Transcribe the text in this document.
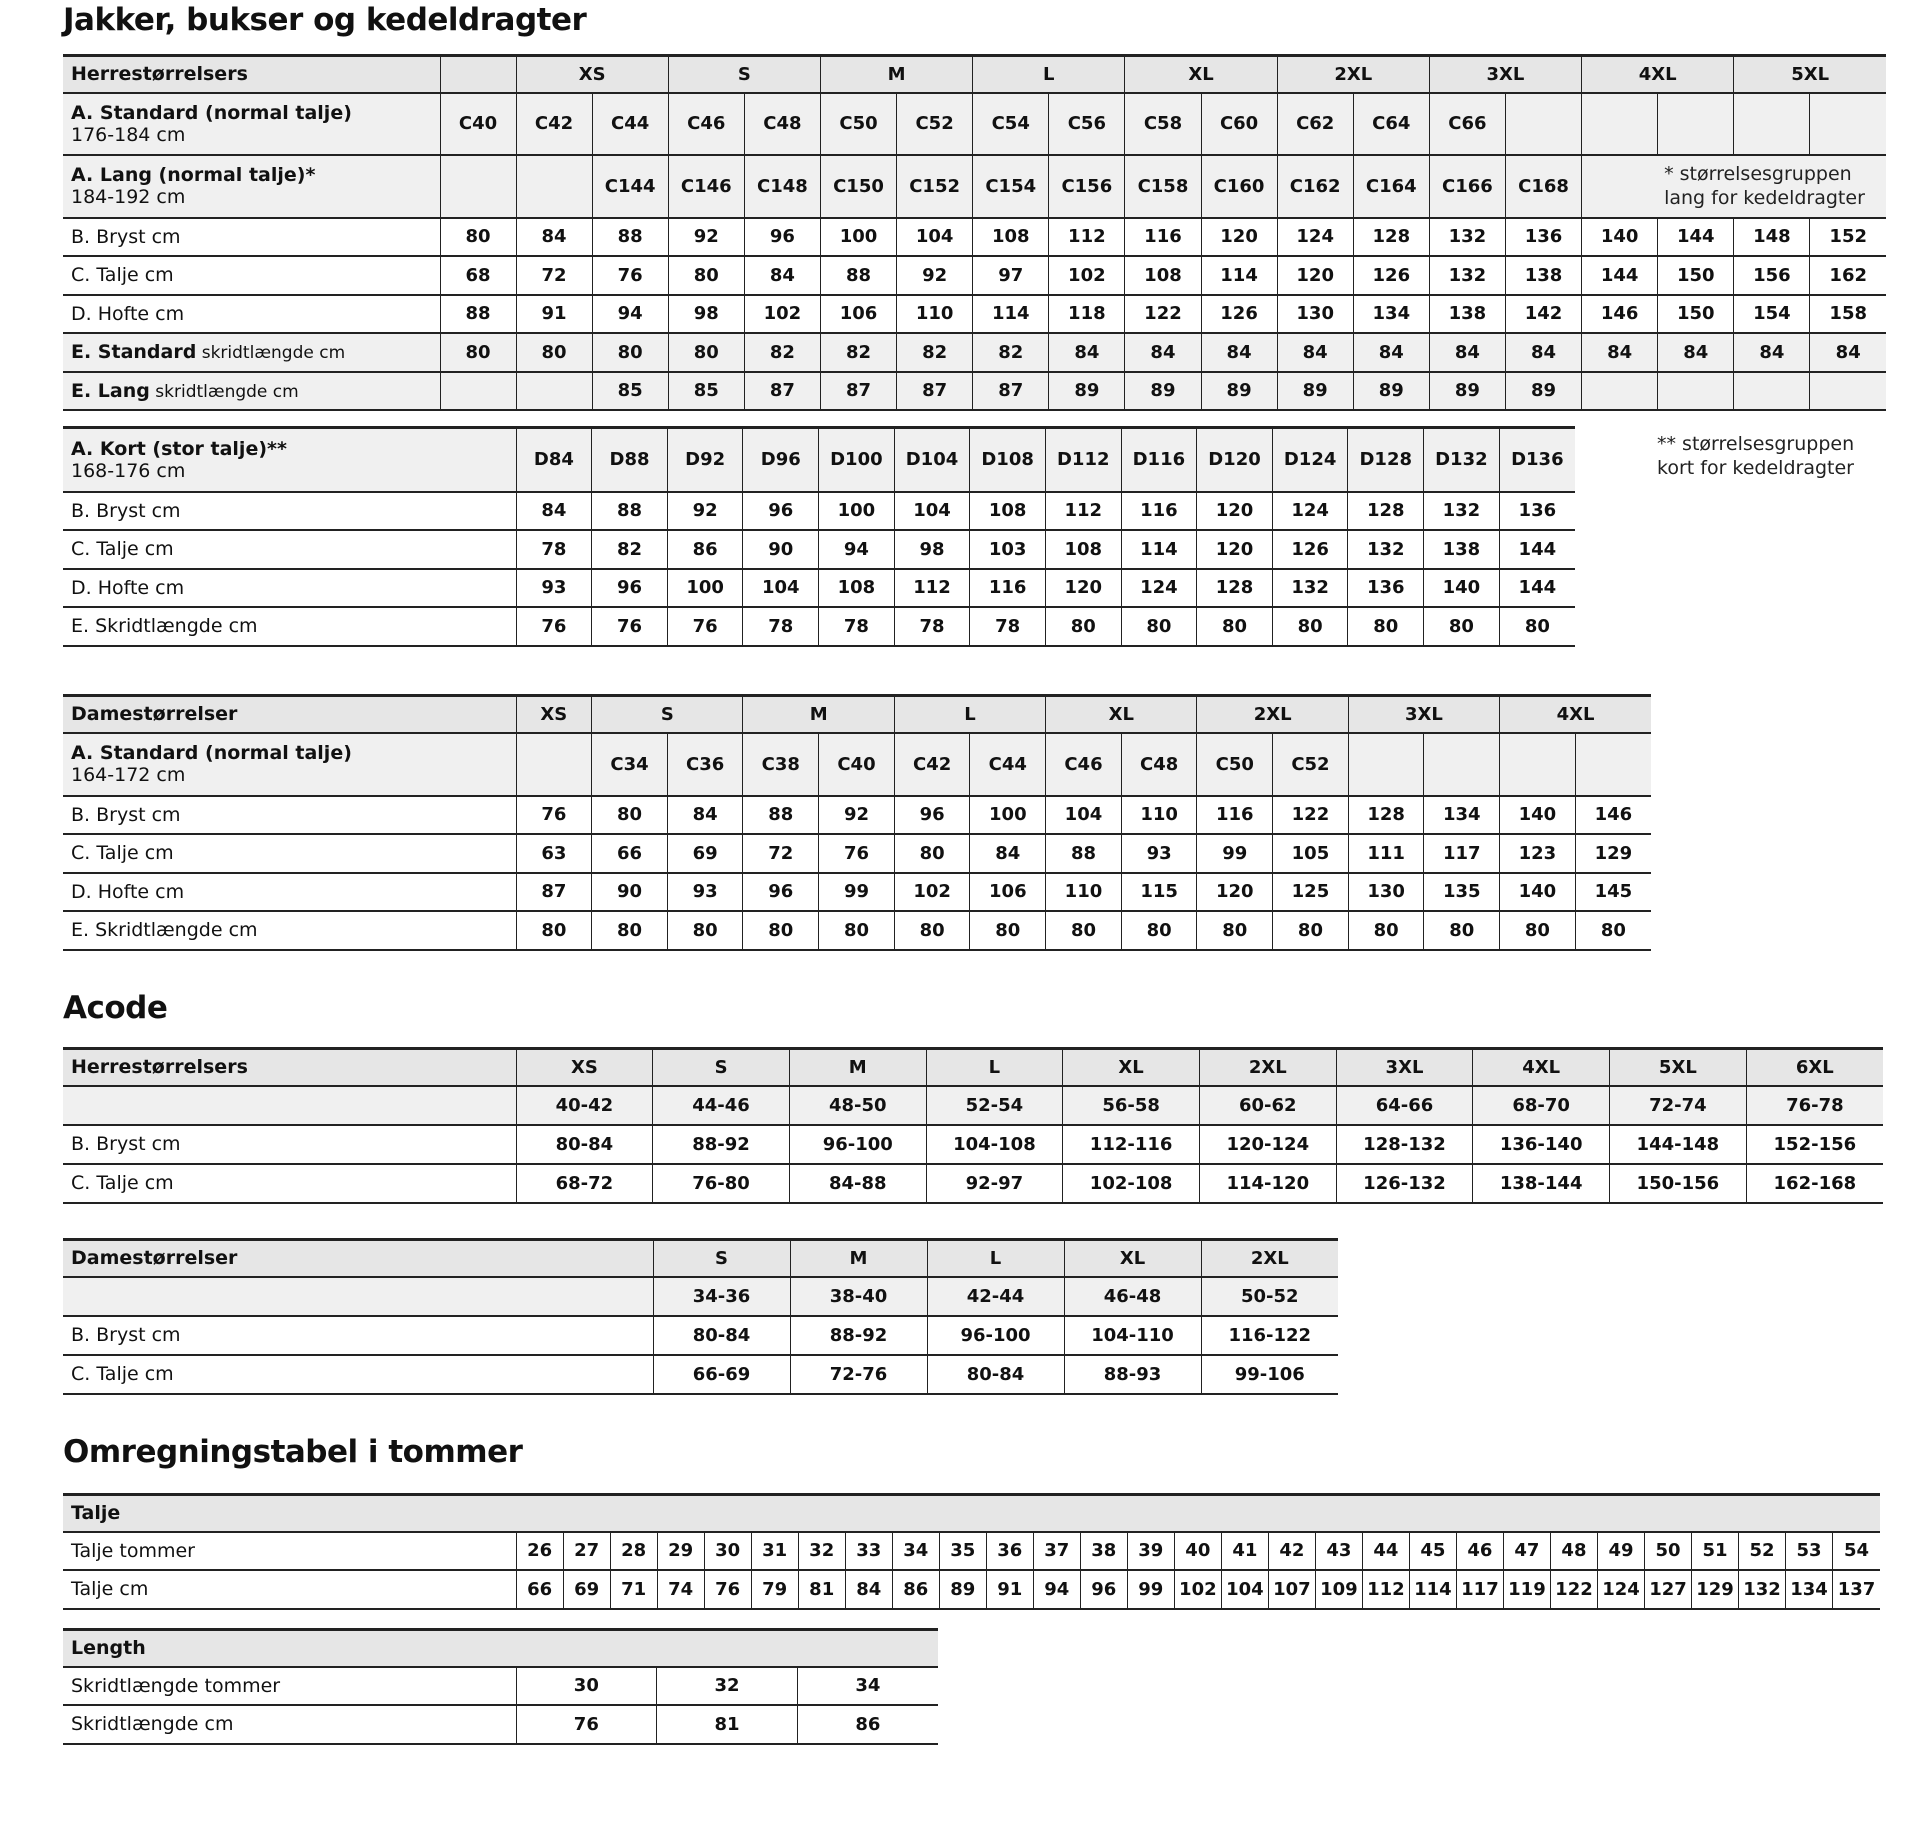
Jakker, bukser og kedeldragter
Herrestørrelsers		XS		S		M		L		XL		2XL		3XL		4XL		5XL	

A. Standard (normal talje)
176-184 cm	C40	C42	C44	C46	C48	C50	C52	C54	C56	C58	C60	C62	C64	C66					

A. Lang (normal talje)*
184-192 cm			C144	C146	C148	C150	C152	C154	C156	C158	C160	C162	C164	C166	C168	* størrelsesgruppen lang for kedeldragter			
B. Bryst cm	80	84	88	92	96	100	104	108	112	116	120	124	128	132	136	140	144	148	152
C. Talje cm	68	72	76	80	84	88	92	97	102	108	114	120	126	132	138	144	150	156	162
D. Hofte cm	88	91	94	98	102	106	110	114	118	122	126	130	134	138	142	146	150	154	158
E. Standard skridtlængde cm	80	80	80	80	82	82	82	82	84	84	84	84	84	84	84	84	84	84	84
E. Lang skridtlængde cm			85	85	87	87	87	87	89	89	89	89	89	89	89				
A. Kort (stor talje)**
168-176 cm	D84	D88	D92	D96	D100	D104	D108	D112	D116	D120	D124	D128	D132	D136
B. Bryst cm	84	88	92	96	100	104	108	112	116	120	124	128	132	136
C. Talje cm	78	82	86	90	94	98	103	108	114	120	126	132	138	144
D. Hofte cm	93	96	100	104	108	112	116	120	124	128	132	136	140	144
E. Skridtlængde cm	76	76	76	78	78	78	78	80	80	80	80	80	80	80
** størrelsesgruppen kort for kedeldragter
Damestørrelser	XS	S		M		L		XL		2XL		3XL		4XL	

A. Standard (normal talje)
164-172 cm		C34	C36	C38	C40	C42	C44	C46	C48	C50	C52				
B. Bryst cm	76	80	84	88	92	96	100	104	110	116	122	128	134	140	146
C. Talje cm	63	66	69	72	76	80	84	88	93	99	105	111	117	123	129
D. Hofte cm	87	90	93	96	99	102	106	110	115	120	125	130	135	140	145
E. Skridtlængde cm	80	80	80	80	80	80	80	80	80	80	80	80	80	80	80
Acode
Herrestørrelsers	XS	S	M	L	XL	2XL	3XL	4XL	5XL	6XL
	40-42	44-46	48-50	52-54	56-58	60-62	64-66	68-70	72-74	76-78
B. Bryst cm	80-84	88-92	96-100	104-108	112-116	120-124	128-132	136-140	144-148	152-156
C. Talje cm	68-72	76-80	84-88	92-97	102-108	114-120	126-132	138-144	150-156	162-168
Damestørrelser	S	M	L	XL	2XL
	34-36	38-40	42-44	46-48	50-52
B. Bryst cm	80-84	88-92	96-100	104-110	116-122
C. Talje cm	66-69	72-76	80-84	88-93	99-106
Omregningstabel i tommer
Talje																													
Talje tommer	26	27	28	29	30	31	32	33	34	35	36	37	38	39	40	41	42	43	44	45	46	47	48	49	50	51	52	53	54
Talje cm	66	69	71	74	76	79	81	84	86	89	91	94	96	99	102	104	107	109	112	114	117	119	122	124	127	129	132	134	137
Length			
Skridtlængde tommer	30	32	34
Skridtlængde cm	76	81	86
